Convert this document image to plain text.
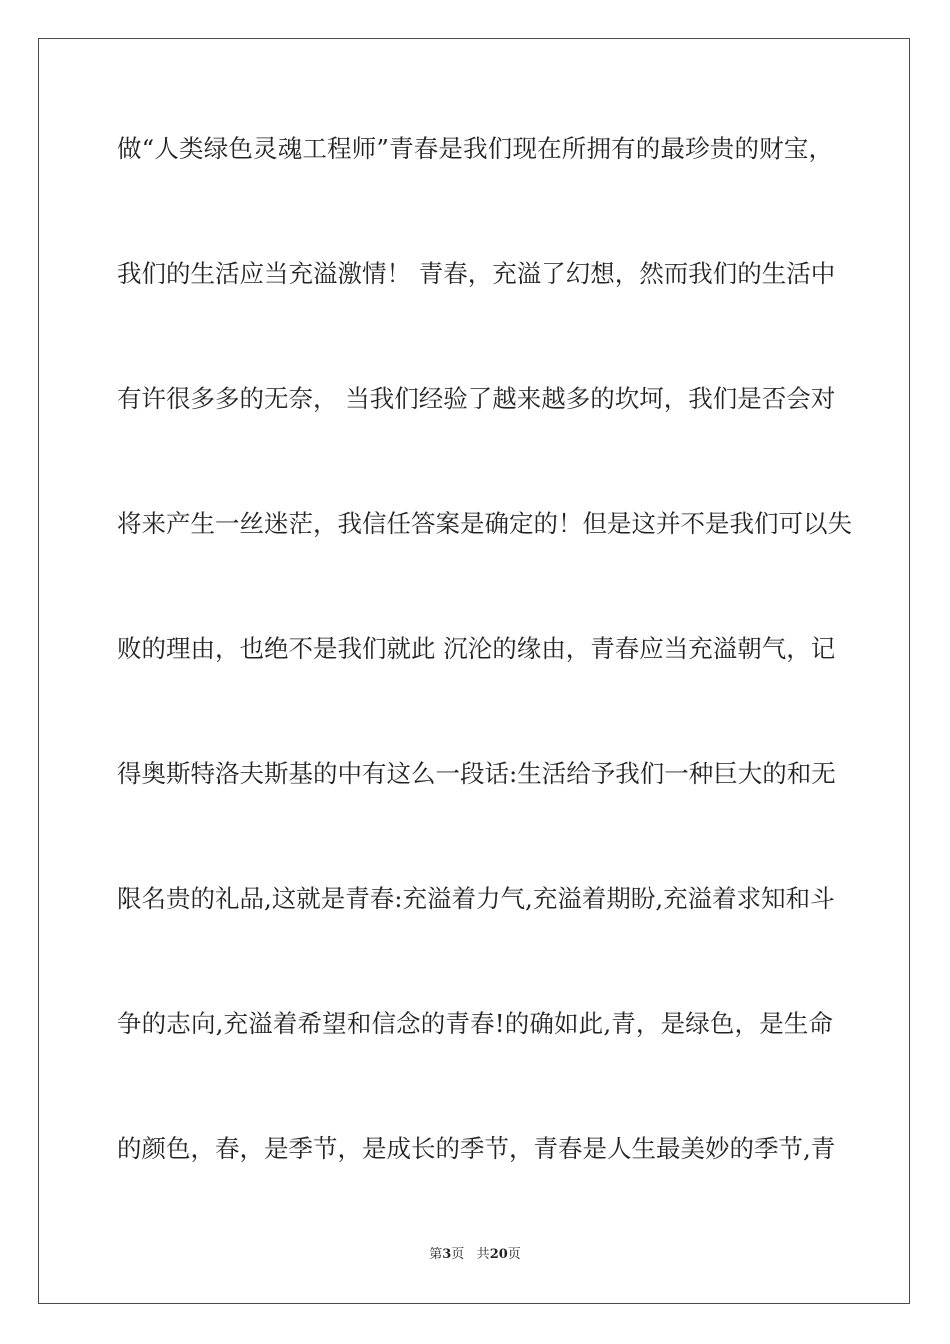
做“人类绿色灵魂工程师”青春是我们现在所拥有的最珍贵的财宝，
我们的生活应当充溢激情！ 青春，充溢了幻想，然而我们的生活中
有许很多多的无奈， 当我们经验了越来越多的坎坷，我们是否会对
将来产生一丝迷茫，我信任答案是确定的！但是这并不是我们可以失
败的理由，也绝不是我们就此 沉沦的缘由，青春应当充溢朝气，记
得奥斯特洛夫斯基的中有这么一段话:生活给予我们一种巨大的和无
限名贵的礼品,这就是青春:充溢着力气,充溢着期盼,充溢着求知和斗
争的志向,充溢着希望和信念的青春!的确如此,青，是绿色，是生命
的颜色，春，是季节，是成长的季节，青春是人生最美妙的季节,青
第3页 共20页
